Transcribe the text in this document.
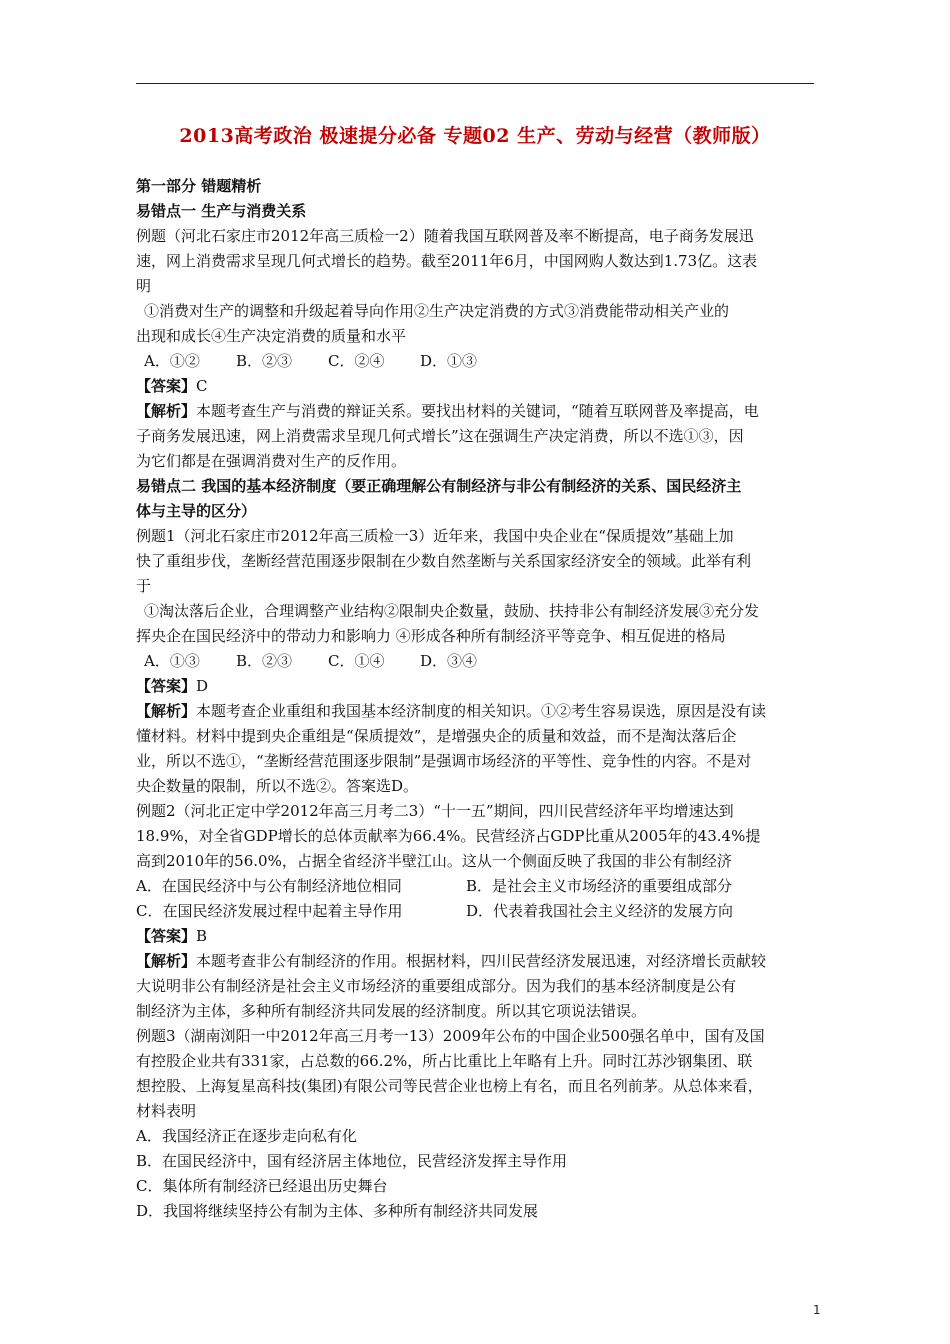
2013高考政治 极速提分必备 专题02 生产、劳动与经营（教师版）
第一部分 错题精析
易错点一 生产与消费关系
例题（河北石家庄市2012年高三质检一2）随着我国互联网普及率不断提高，电子商务发展迅
速，网上消费需求呈现几何式增长的趋势。截至2011年6月，中国网购人数达到1.73亿。这表
明
①消费对生产的调整和升级起着导向作用②生产决定消费的方式③消费能带动相关产业的
出现和成长④生产决定消费的质量和水平
A．①② B．②③ C．②④ D．①③
【答案】C
【解析】本题考查生产与消费的辩证关系。要找出材料的关键词，“随着互联网普及率提高，电
子商务发展迅速，网上消费需求呈现几何式增长”这在强调生产决定消费，所以不选①③，因
为它们都是在强调消费对生产的反作用。
易错点二 我国的基本经济制度（要正确理解公有制经济与非公有制经济的关系、国民经济主
体与主导的区分）
例题1（河北石家庄市2012年高三质检一3）近年来，我国中央企业在“保质提效”基础上加
快了重组步伐，垄断经营范围逐步限制在少数自然垄断与关系国家经济安全的领域。此举有利
于
①淘汰落后企业，合理调整产业结构②限制央企数量，鼓励、扶持非公有制经济发展③充分发
挥央企在国民经济中的带动力和影响力 ④形成各种所有制经济平等竞争、相互促进的格局
A．①③ B．②③ C．①④ D．③④
【答案】D
【解析】本题考查企业重组和我国基本经济制度的相关知识。①②考生容易误选，原因是没有读
懂材料。材料中提到央企重组是“保质提效”，是增强央企的质量和效益，而不是淘汰落后企
业，所以不选①，“垄断经营范围逐步限制”是强调市场经济的平等性、竞争性的内容。不是对
央企数量的限制，所以不选②。答案选D。
例题2（河北正定中学2012年高三月考二3）“十一五”期间，四川民营经济年平均增速达到
18.9%，对全省GDP增长的总体贡献率为66.4%。民营经济占GDP比重从2005年的43.4%提
高到2010年的56.0%，占据全省经济半壁江山。这从一个侧面反映了我国的非公有制经济
A．在国民经济中与公有制经济地位相同	B．是社会主义市场经济的重要组成部分
C．在国民经济发展过程中起着主导作用	D．代表着我国社会主义经济的发展方向
【答案】B
【解析】本题考查非公有制经济的作用。根据材料，四川民营经济发展迅速，对经济增长贡献较
大说明非公有制经济是社会主义市场经济的重要组成部分。因为我们的基本经济制度是公有
制经济为主体，多种所有制经济共同发展的经济制度。所以其它项说法错误。
例题3（湖南浏阳一中2012年高三月考一13）2009年公布的中国企业500强名单中，国有及国
有控股企业共有331家，占总数的66.2%，所占比重比上年略有上升。同时江苏沙钢集团、联
想控股、上海复星高科技(集团)有限公司等民营企业也榜上有名，而且名列前茅。从总体来看，
材料表明
A．我国经济正在逐步走向私有化
B．在国民经济中，国有经济居主体地位，民营经济发挥主导作用
C．集体所有制经济已经退出历史舞台
D．我国将继续坚持公有制为主体、多种所有制经济共同发展
1
